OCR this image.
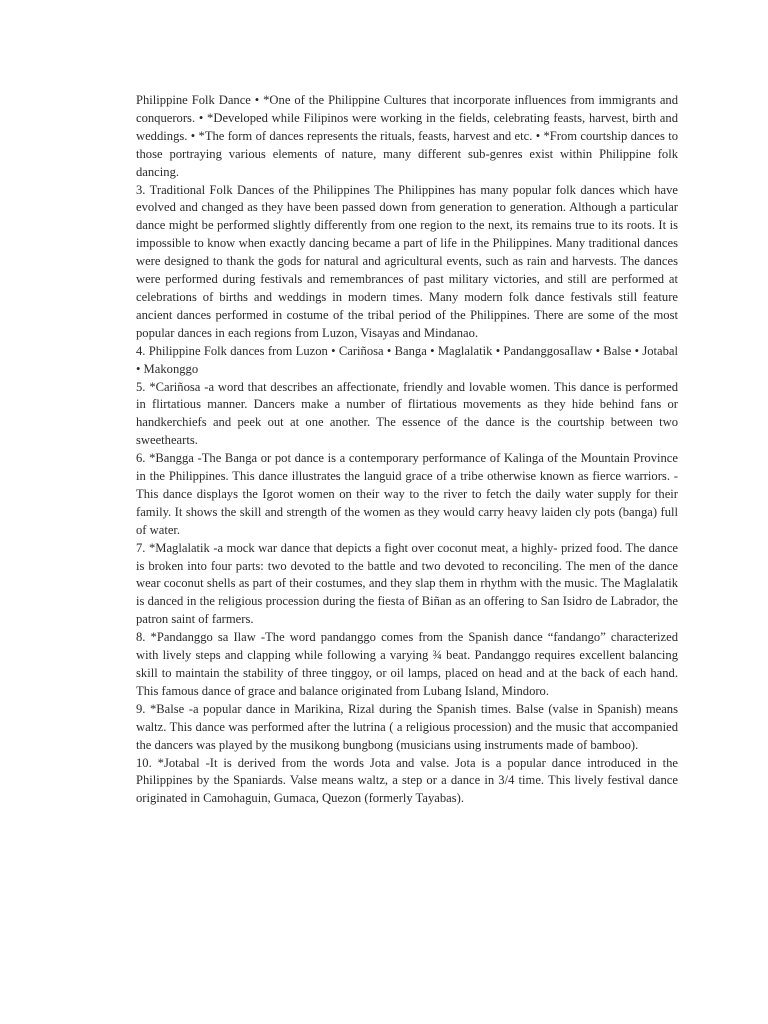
Philippine Folk Dance • *One of the Philippine Cultures that incorporate influences from immigrants and conquerors. • *Developed while Filipinos were working in the fields, celebrating feasts, harvest, birth and weddings. • *The form of dances represents the rituals, feasts, harvest and etc. • *From courtship dances to those portraying various elements of nature, many different sub-genres exist within Philippine folk dancing.

3. Traditional Folk Dances of the Philippines The Philippines has many popular folk dances which have evolved and changed as they have been passed down from generation to generation. Although a particular dance might be performed slightly differently from one region to the next, its remains true to its roots. It is impossible to know when exactly dancing became a part of life in the Philippines. Many traditional dances were designed to thank the gods for natural and agricultural events, such as rain and harvests. The dances were performed during festivals and remembrances of past military victories, and still are performed at celebrations of births and weddings in modern times. Many modern folk dance festivals still feature ancient dances performed in costume of the tribal period of the Philippines. There are some of the most popular dances in each regions from Luzon, Visayas and Mindanao.

4. Philippine Folk dances from Luzon • Cariñosa • Banga • Maglalatik • PandanggosaIlaw • Balse • Jotabal • Makonggo

5. *Cariñosa -a word that describes an affectionate, friendly and lovable women. This dance is performed in flirtatious manner. Dancers make a number of flirtatious movements as they hide behind fans or handkerchiefs and peek out at one another. The essence of the dance is the courtship between two sweethearts.

6. *Bangga -The Banga or pot dance is a contemporary performance of Kalinga of the Mountain Province in the Philippines. This dance illustrates the languid grace of a tribe otherwise known as fierce warriors. -This dance displays the Igorot women on their way to the river to fetch the daily water supply for their family. It shows the skill and strength of the women as they would carry heavy laiden cly pots (banga) full of water.

7. *Maglalatik -a mock war dance that depicts a fight over coconut meat, a highly- prized food. The dance is broken into four parts: two devoted to the battle and two devoted to reconciling. The men of the dance wear coconut shells as part of their costumes, and they slap them in rhythm with the music. The Maglalatik is danced in the religious procession during the fiesta of Biñan as an offering to San Isidro de Labrador, the patron saint of farmers.

8. *Pandanggo sa Ilaw -The word pandanggo comes from the Spanish dance “fandango” characterized with lively steps and clapping while following a varying ¾ beat. Pandanggo requires excellent balancing skill to maintain the stability of three tinggoy, or oil lamps, placed on head and at the back of each hand. This famous dance of grace and balance originated from Lubang Island, Mindoro.

9. *Balse -a popular dance in Marikina, Rizal during the Spanish times. Balse (valse in Spanish) means waltz. This dance was performed after the lutrina ( a religious procession) and the music that accompanied the dancers was played by the musikong bungbong (musicians using instruments made of bamboo).

10. *Jotabal -It is derived from the words Jota and valse. Jota is a popular dance introduced in the Philippines by the Spaniards. Valse means waltz, a step or a dance in 3/4 time. This lively festival dance originated in Camohaguin, Gumaca, Quezon (formerly Tayabas).
